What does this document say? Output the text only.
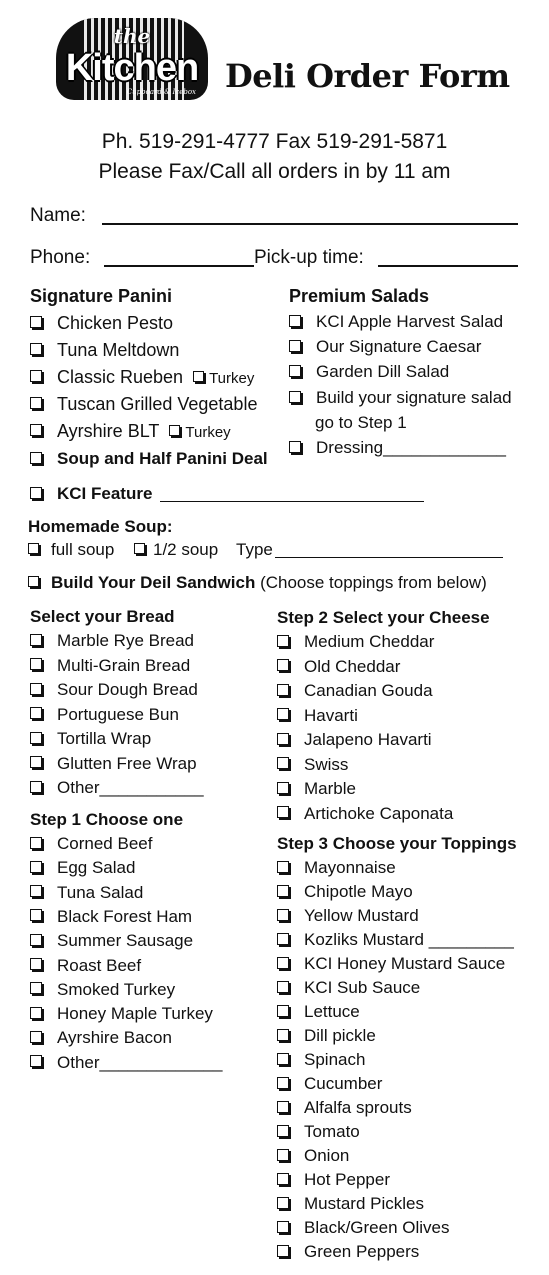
the
Kitchen
Cupboard & Icebox Deli Order Form
Ph. 519-291-4777 Fax 519-291-5871
Please Fax/Call all orders in by 11 am
Name:
Phone:	Pick-up time:
Signature Panini
Chicken Pesto
Tuna Meltdown
Classic Rueben Turkey
Tuscan Grilled Vegetable
Ayrshire BLT Turkey
Soup and Half Panini Deal
Premium Salads
KCI Apple Harvest Salad
Our Signature Caesar
Garden Dill Salad
Build your signature salad
go to Step 1
Dressing_____________
KCI Feature
Homemade Soup:
full soup	1/2 soup Type
Build Your Deil Sandwich (Choose toppings from below)
Select your Bread
Marble Rye Bread
Multi-Grain Bread
Sour Dough Bread
Portuguese Bun
Tortilla Wrap
Glutten Free Wrap
Other___________
Step 1 Choose one
Corned Beef
Egg Salad
Tuna Salad
Black Forest Ham
Summer Sausage
Roast Beef
Smoked Turkey
Honey Maple Turkey
Ayrshire Bacon
Other_____________
Step 2 Select your Cheese
Medium Cheddar
Old Cheddar
Canadian Gouda
Havarti
Jalapeno Havarti
Swiss
Marble
Artichoke Caponata
Step 3 Choose your Toppings
Mayonnaise
Chipotle Mayo
Yellow Mustard
Kozliks Mustard _________
KCI Honey Mustard Sauce
KCI Sub Sauce
Lettuce
Dill pickle
Spinach
Cucumber
Alfalfa sprouts
Tomato
Onion
Hot Pepper
Mustard Pickles
Black/Green Olives
Green Peppers
